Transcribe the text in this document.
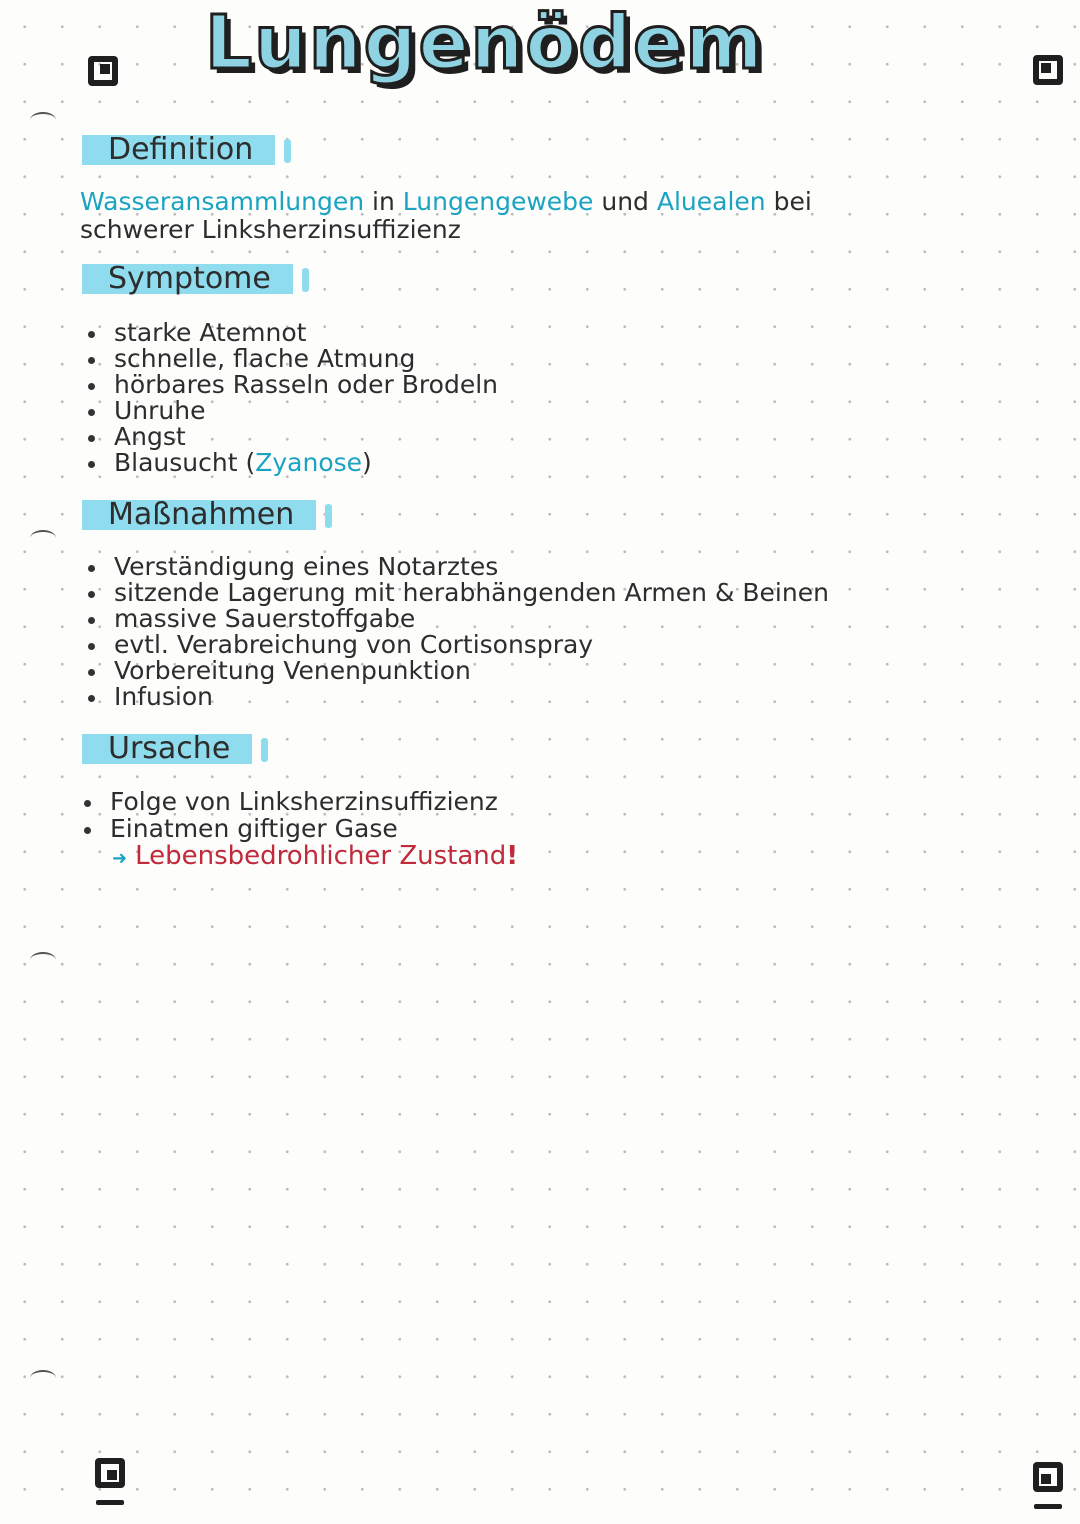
Lungenödem
Definition
Wasseransammlungen in Lungengewebe und Aluealen bei
schwerer Linksherzinsuffizienz
Symptome
starke Atemnot
schnelle, flache Atmung
hörbares Rasseln oder Brodeln
Unruhe
Angst
Blausucht (Zyanose)
Maßnahmen
Verständigung eines Notarztes
sitzende Lagerung mit herabhängenden Armen & Beinen
massive Sauerstoffgabe
evtl. Verabreichung von Cortisonspray
Vorbereitung Venenpunktion
Infusion
Ursache
Folge von Linksherzinsuffizienz
Einatmen giftiger Gase
➜ Lebensbedrohlicher Zustand!
